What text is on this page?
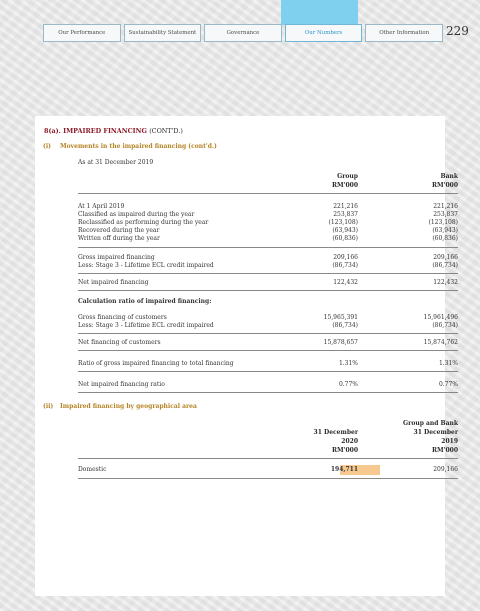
Our Performance	Sustainability Statement	Governance	Our Numbers	Other Information	229
8(a). IMPAIRED FINANCING (CONT'D.)
(i) Movements in the impaired financing (cont'd.)
As at 31 December 2019
Group
RM'000
Bank
RM'000
At 1 April 2019	221,216	221,216
Classified as impaired during the year	253,837	253,837
Reclassified as performing during the year	(123,108)	(123,108)
Recovered during the year	(63,943)	(63,943)
Written off during the year	(60,836)	(60,836)
Gross impaired financing	209,166	209,166
Less: Stage 3 - Lifetime ECL credit impaired	(86,734)	(86,734)
Net impaired financing	122,432	122,432
Calculation ratio of impaired financing:
Gross financing of customers	15,965,391	15,961,496
Less: Stage 3 - Lifetime ECL credit impaired	(86,734)	(86,734)
Net financing of customers	15,878,657	15,874,762
Ratio of gross impaired financing to total financing	1.31%	1.31%
Net impaired financing ratio	0.77%	0.77%
(ii) Impaired financing by geographical area
Group and Bank
31 December
2020
RM'000
31 December
2019
RM'000
Domestic	194,711	209,166
